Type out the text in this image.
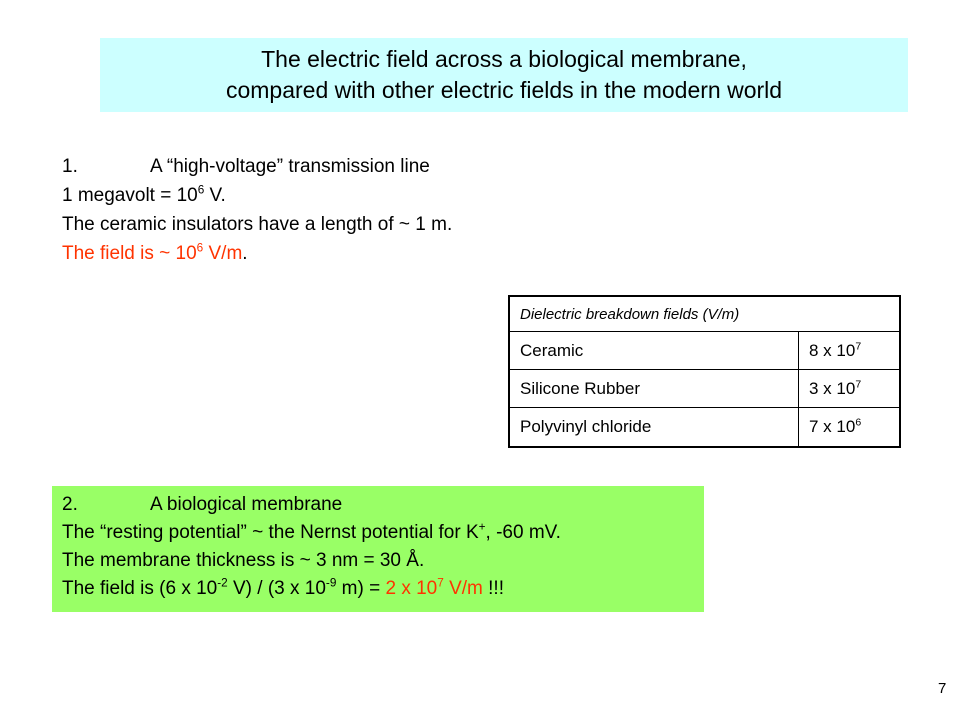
The electric field across a biological membrane,
compared with other electric fields in the modern world
1.	A “high-voltage” transmission line
1 megavolt = $10^6$ V.
The ceramic insulators have a length of ~ 1 m.
The field is ~ $10^6$ V/m.
Dielectric breakdown fields (V/m)	
Ceramic	8 x $10^7$
Silicone Rubber	3 x $10^7$
Polyvinyl chloride	7 x $10^6$
2.	A biological membrane
The “resting potential” ~ the Nernst potential for K+, -60 mV.
The membrane thickness is ~ 3 nm = 30 Å.
The field is (6 x $10^{-2}$ V) / (3 x $10^{-9}$ m) = 2 x $10^7$ V/m !!!
7
